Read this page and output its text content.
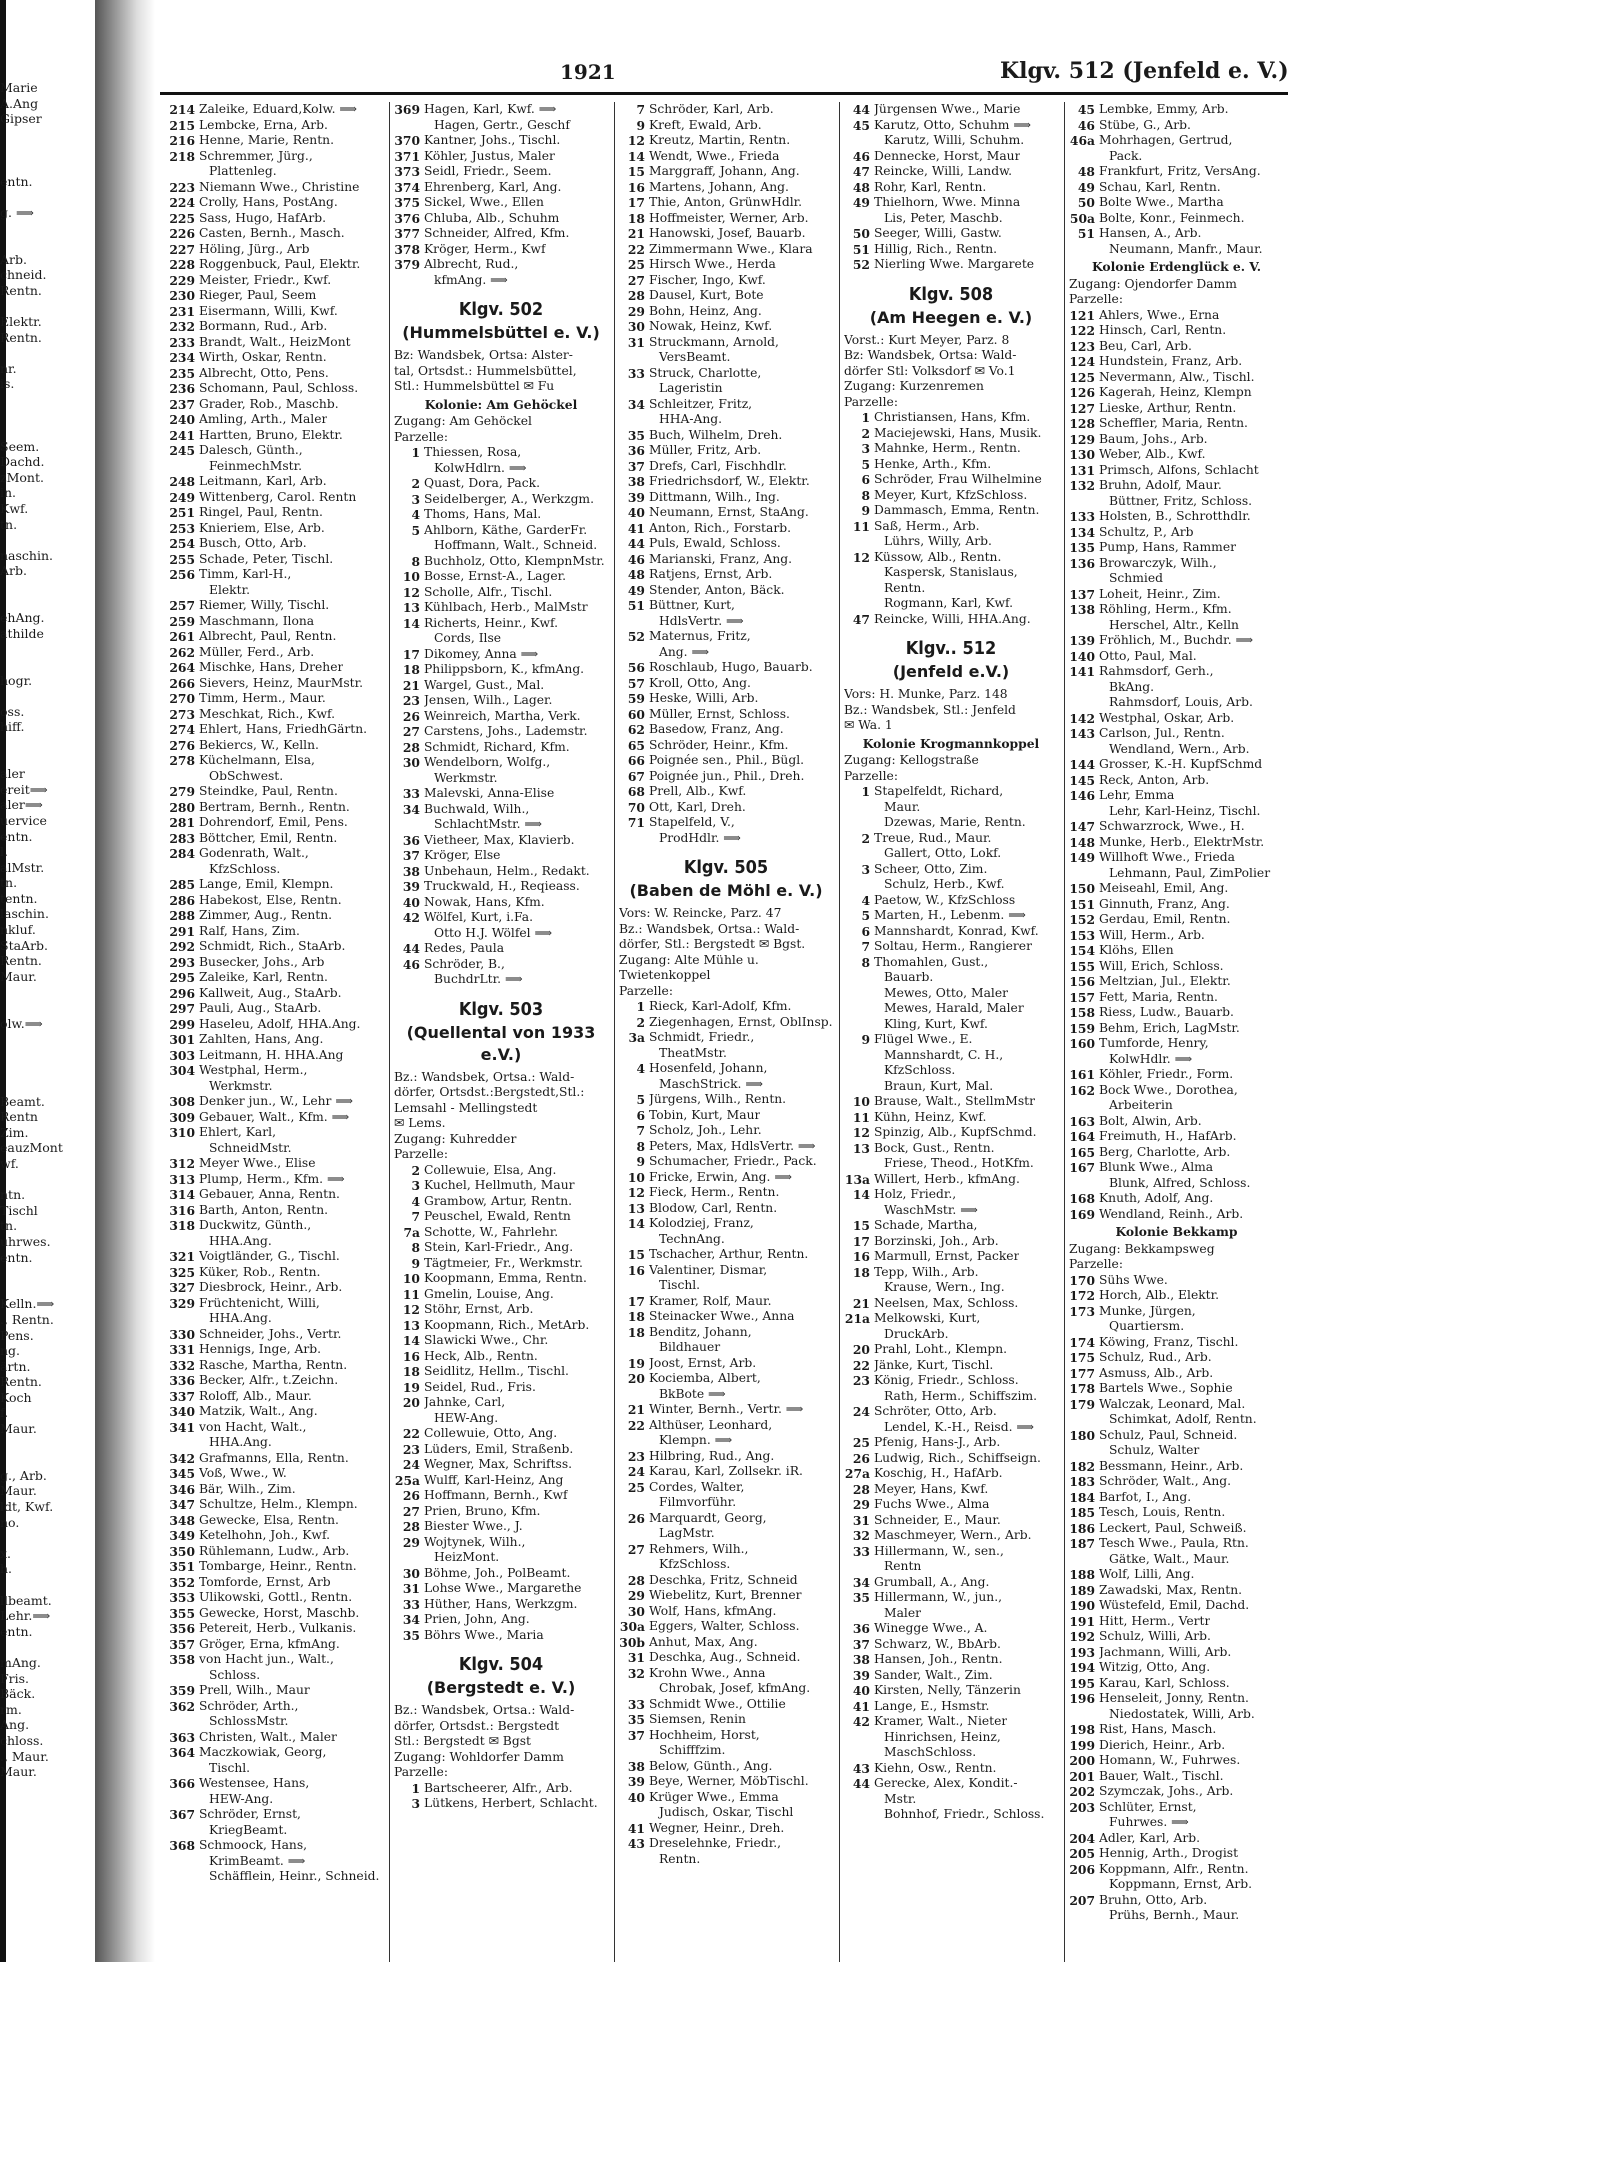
Marie
A.Ang
Gipser

entn.

g. ⟹

Arb.
chneid.
Rentn.

Elektr.
Rentn.

nr.
is.

Seem.
Dachd.
zMont.
in.
Kwf.
tn.

naschin.
Arb.

ehAng.
athilde

hogr.

oss.
hiff.

aler
ereit⟹
aler⟹
uervice
entn.
l.
alMstr.
tn.
tentn.
laschin.
nkluf.
StaArb.
Rentn.
Maur.

olw.⟹

Beamt.
Rentn
Zim.
eauzMont
wf.

ntn.
Tischl
tn.
uhrwes.
entn.

Kelln.⟹
., Rentn.
Pens.
ng.
ärtn.
Rentn.
Koch
f.
Maur.

g., Arb.
Maur.
ldt, Kwf.
no.

x.
h.

llbeamt.
Lehr.⟹
entn.

mAng.
Fris.
Bäck.
rm.
Ang.
chloss.
., Maur.
Maur.
1921	Klgv. 512 (Jenfeld e. V.)
214 Zaleike, Eduard,Kolw. ⟹
215 Lembcke, Erna, Arb.
216 Henne, Marie, Rentn.
218 Schremmer, Jürg.,
Plattenleg.
223 Niemann Wwe., Christine
224 Crolly, Hans, PostAng.
225 Sass, Hugo, HafArb.
226 Casten, Bernh., Masch.
227 Höling, Jürg., Arb
228 Roggenbuck, Paul, Elektr.
229 Meister, Friedr., Kwf.
230 Rieger, Paul, Seem
231 Eisermann, Willi, Kwf.
232 Bormann, Rud., Arb.
233 Brandt, Walt., HeizMont
234 Wirth, Oskar, Rentn.
235 Albrecht, Otto, Pens.
236 Schomann, Paul, Schloss.
237 Grader, Rob., Maschb.
240 Amling, Arth., Maler
241 Hartten, Bruno, Elektr.
245 Dalesch, Günth.,
FeinmechMstr.
248 Leitmann, Karl, Arb.
249 Wittenberg, Carol. Rentn
251 Ringel, Paul, Rentn.
253 Knieriem, Else, Arb.
254 Busch, Otto, Arb.
255 Schade, Peter, Tischl.
256 Timm, Karl-H.,
Elektr.
257 Riemer, Willy, Tischl.
259 Maschmann, Ilona
261 Albrecht, Paul, Rentn.
262 Müller, Ferd., Arb.
264 Mischke, Hans, Dreher
266 Sievers, Heinz, MaurMstr.
270 Timm, Herm., Maur.
273 Meschkat, Rich., Kwf.
274 Ehlert, Hans, FriedhGärtn.
276 Bekiercs, W., Kelln.
278 Küchelmann, Elsa,
ObSchwest.
279 Steindke, Paul, Rentn.
280 Bertram, Bernh., Rentn.
281 Dohrendorf, Emil, Pens.
283 Böttcher, Emil, Rentn.
284 Godenrath, Walt.,
KfzSchloss.
285 Lange, Emil, Klempn.
286 Habekost, Else, Rentn.
288 Zimmer, Aug., Rentn.
291 Ralf, Hans, Zim.
292 Schmidt, Rich., StaArb.
293 Busecker, Johs., Arb
295 Zaleike, Karl, Rentn.
296 Kallweit, Aug., StaArb.
297 Pauli, Aug., StaArb.
299 Haseleu, Adolf, HHA.Ang.
301 Zahlten, Hans, Ang.
303 Leitmann, H. HHA.Ang
304 Westphal, Herm.,
Werkmstr.
308 Denker jun., W., Lehr ⟹
309 Gebauer, Walt., Kfm. ⟹
310 Ehlert, Karl,
SchneidMstr.
312 Meyer Wwe., Elise
313 Plump, Herm., Kfm. ⟹
314 Gebauer, Anna, Rentn.
316 Barth, Anton, Rentn.
318 Duckwitz, Günth.,
HHA.Ang.
321 Voigtländer, G., Tischl.
325 Küker, Rob., Rentn.
327 Diesbrock, Heinr., Arb.
329 Früchtenicht, Willi,
HHA.Ang.
330 Schneider, Johs., Vertr.
331 Hennigs, Inge, Arb.
332 Rasche, Martha, Rentn.
336 Becker, Alfr., t.Zeichn.
337 Roloff, Alb., Maur.
340 Matzik, Walt., Ang.
341 von Hacht, Walt.,
HHA.Ang.
342 Grafmanns, Ella, Rentn.
345 Voß, Wwe., W.
346 Bär, Wilh., Zim.
347 Schultze, Helm., Klempn.
348 Gewecke, Elsa, Rentn.
349 Ketelhohn, Joh., Kwf.
350 Rühlemann, Ludw., Arb.
351 Tombarge, Heinr., Rentn.
352 Tomforde, Ernst, Arb
353 Ulikowski, Gottl., Rentn.
355 Gewecke, Horst, Maschb.
356 Petereit, Herb., Vulkanis.
357 Gröger, Erna, kfmAng.
358 von Hacht jun., Walt.,
Schloss.
359 Prell, Wilh., Maur
362 Schröder, Arth.,
SchlossMstr.
363 Christen, Walt., Maler
364 Maczkowiak, Georg,
Tischl.
366 Westensee, Hans,
HEW-Ang.
367 Schröder, Ernst,
KriegBeamt.
368 Schmoock, Hans,
KrimBeamt. ⟹
Schäfflein, Heinr., Schneid.
369 Hagen, Karl, Kwf. ⟹
Hagen, Gertr., Geschf
370 Kantner, Johs., Tischl.
371 Köhler, Justus, Maler
373 Seidl, Friedr., Seem.
374 Ehrenberg, Karl, Ang.
375 Sickel, Wwe., Ellen
376 Chluba, Alb., Schuhm
377 Schneider, Alfred, Kfm.
378 Kröger, Herm., Kwf
379 Albrecht, Rud.,
kfmAng. ⟹
Klgv. 502
(Hummelsbüttel e. V.)
Bz: Wandsbek, Ortsa: Alster-
tal, Ortsdst.: Hummelsbüttel,
Stl.: Hummelsbüttel ✉ Fu
Kolonie: Am Gehöckel
Zugang: Am Gehöckel
Parzelle:
1 Thiessen, Rosa,
KolwHdlrn. ⟹
2 Quast, Dora, Pack.
3 Seidelberger, A., Werkzgm.
4 Thoms, Hans, Mal.
5 Ahlborn, Käthe, GarderFr.
Hoffmann, Walt., Schneid.
8 Buchholz, Otto, KlempnMstr.
10 Bosse, Ernst-A., Lager.
12 Scholle, Alfr., Tischl.
13 Kühlbach, Herb., MalMstr
14 Richerts, Heinr., Kwf.
Cords, Ilse
17 Dikomey, Anna ⟹
18 Philippsborn, K., kfmAng.
21 Wargel, Gust., Mal.
23 Jensen, Wilh., Lager.
26 Weinreich, Martha, Verk.
27 Carstens, Johs., Lademstr.
28 Schmidt, Richard, Kfm.
30 Wendelborn, Wolfg.,
Werkmstr.
33 Malevski, Anna-Elise
34 Buchwald, Wilh.,
SchlachtMstr. ⟹
36 Vietheer, Max, Klavierb.
37 Kröger, Else
38 Unbehaun, Helm., Redakt.
39 Truckwald, H., Reqieass.
40 Nowak, Hans, Kfm.
42 Wölfel, Kurt, i.Fa.
Otto H.J. Wölfel ⟹
44 Redes, Paula
46 Schröder, B.,
BuchdrLtr. ⟹
Klgv. 503
(Quellental von 1933 e.V.)
Bz.: Wandsbek, Ortsa.: Wald-
dörfer, Ortsdst.:Bergstedt,Stl.:
Lemsahl - Mellingstedt
✉ Lems.
Zugang: Kuhredder
Parzelle:
2 Collewuie, Elsa, Ang.
3 Kuchel, Hellmuth, Maur
4 Grambow, Artur, Rentn.
7 Peuschel, Ewald, Rentn
7a Schotte, W., Fahrlehr.
8 Stein, Karl-Friedr., Ang.
9 Tägtmeier, Fr., Werkmstr.
10 Koopmann, Emma, Rentn.
11 Gmelin, Louise, Ang.
12 Stöhr, Ernst, Arb.
13 Koopmann, Rich., MetArb.
14 Slawicki Wwe., Chr.
16 Heck, Alb., Rentn.
18 Seidlitz, Hellm., Tischl.
19 Seidel, Rud., Fris.
20 Jahnke, Carl,
HEW-Ang.
22 Collewuie, Otto, Ang.
23 Lüders, Emil, Straßenb.
24 Wegner, Max, Schriftss.
25a Wulff, Karl-Heinz, Ang
26 Hoffmann, Bernh., Kwf
27 Prien, Bruno, Kfm.
28 Biester Wwe., J.
29 Wojtynek, Wilh.,
HeizMont.
30 Böhme, Joh., PolBeamt.
31 Lohse Wwe., Margarethe
33 Hüther, Hans, Werkzgm.
34 Prien, John, Ang.
35 Böhrs Wwe., Maria
Klgv. 504
(Bergstedt e. V.)
Bz.: Wandsbek, Ortsa.: Wald-
dörfer, Ortsdst.: Bergstedt
Stl.: Bergstedt ✉ Bgst
Zugang: Wohldorfer Damm
Parzelle:
1 Bartscheerer, Alfr., Arb.
3 Lütkens, Herbert, Schlacht.
7 Schröder, Karl, Arb.
9 Kreft, Ewald, Arb.
12 Kreutz, Martin, Rentn.
14 Wendt, Wwe., Frieda
15 Marggraff, Johann, Ang.
16 Martens, Johann, Ang.
17 Thie, Anton, GrünwHdlr.
18 Hoffmeister, Werner, Arb.
21 Hanowski, Josef, Bauarb.
22 Zimmermann Wwe., Klara
25 Hirsch Wwe., Herda
27 Fischer, Ingo, Kwf.
28 Dausel, Kurt, Bote
29 Bohn, Heinz, Ang.
30 Nowak, Heinz, Kwf.
31 Struckmann, Arnold,
VersBeamt.
33 Struck, Charlotte,
Lageristin
34 Schleitzer, Fritz,
HHA-Ang.
35 Buch, Wilhelm, Dreh.
36 Müller, Fritz, Arb.
37 Drefs, Carl, Fischhdlr.
38 Friedrichsdorf, W., Elektr.
39 Dittmann, Wilh., Ing.
40 Neumann, Ernst, StaAng.
41 Anton, Rich., Forstarb.
44 Puls, Ewald, Schloss.
46 Marianski, Franz, Ang.
48 Ratjens, Ernst, Arb.
49 Stender, Anton, Bäck.
51 Büttner, Kurt,
HdlsVertr. ⟹
52 Maternus, Fritz,
Ang. ⟹
56 Roschlaub, Hugo, Bauarb.
57 Kroll, Otto, Ang.
59 Heske, Willi, Arb.
60 Müller, Ernst, Schloss.
62 Basedow, Franz, Ang.
65 Schröder, Heinr., Kfm.
66 Poignée sen., Phil., Bügl.
67 Poignée jun., Phil., Dreh.
68 Prell, Alb., Kwf.
70 Ott, Karl, Dreh.
71 Stapelfeld, V.,
ProdHdlr. ⟹
Klgv. 505
(Baben de Möhl e. V.)
Vors: W. Reincke, Parz. 47
Bz.: Wandsbek, Ortsa.: Wald-
dörfer, Stl.: Bergstedt ✉ Bgst.
Zugang: Alte Mühle u.
Twietenkoppel
Parzelle:
1 Rieck, Karl-Adolf, Kfm.
2 Ziegenhagen, Ernst, OblInsp.
3a Schmidt, Friedr.,
TheatMstr.
4 Hosenfeld, Johann,
MaschStrick. ⟹
5 Jürgens, Wilh., Rentn.
6 Tobin, Kurt, Maur
7 Scholz, Joh., Lehr.
8 Peters, Max, HdlsVertr. ⟹
9 Schumacher, Friedr., Pack.
10 Fricke, Erwin, Ang. ⟹
12 Fieck, Herm., Rentn.
13 Blodow, Carl, Rentn.
14 Kolodziej, Franz,
TechnAng.
15 Tschacher, Arthur, Rentn.
16 Valentiner, Dismar,
Tischl.
17 Kramer, Rolf, Maur.
18 Steinacker Wwe., Anna
18 Benditz, Johann,
Bildhauer
19 Joost, Ernst, Arb.
20 Kociemba, Albert,
BkBote ⟹
21 Winter, Bernh., Vertr. ⟹
22 Althüser, Leonhard,
Klempn. ⟹
23 Hilbring, Rud., Ang.
24 Karau, Karl, Zollsekr. iR.
25 Cordes, Walter,
Filmvorführ.
26 Marquardt, Georg,
LagMstr.
27 Rehmers, Wilh.,
KfzSchloss.
28 Deschka, Fritz, Schneid
29 Wiebelitz, Kurt, Brenner
30 Wolf, Hans, kfmAng.
30a Eggers, Walter, Schloss.
30b Anhut, Max, Ang.
31 Deschka, Aug., Schneid.
32 Krohn Wwe., Anna
Chrobak, Josef, kfmAng.
33 Schmidt Wwe., Ottilie
35 Siemsen, Renin
37 Hochheim, Horst,
Schifffzim.
38 Below, Günth., Ang.
39 Beye, Werner, MöbTischl.
40 Krüger Wwe., Emma
Judisch, Oskar, Tischl
41 Wegner, Heinr., Dreh.
43 Dreselehnke, Friedr.,
Rentn.
44 Jürgensen Wwe., Marie
45 Karutz, Otto, Schuhm ⟹
Karutz, Willi, Schuhm.
46 Dennecke, Horst, Maur
47 Reincke, Willi, Landw.
48 Rohr, Karl, Rentn.
49 Thielhorn, Wwe. Minna
Lis, Peter, Maschb.
50 Seeger, Willi, Gastw.
51 Hillig, Rich., Rentn.
52 Nierling Wwe. Margarete
Klgv. 508
(Am Heegen e. V.)
Vorst.: Kurt Meyer, Parz. 8
Bz: Wandsbek, Ortsa: Wald-
dörfer Stl: Volksdorf ✉ Vo.1
Zugang: Kurzenremen
Parzelle:
1 Christiansen, Hans, Kfm.
2 Maciejewski, Hans, Musik.
3 Mahnke, Herm., Rentn.
5 Henke, Arth., Kfm.
6 Schröder, Frau Wilhelmine
8 Meyer, Kurt, KfzSchloss.
9 Dammasch, Emma, Rentn.
11 Saß, Herm., Arb.
Lührs, Willy, Arb.
12 Küssow, Alb., Rentn.
Kaspersk, Stanislaus,
Rentn.
Rogmann, Karl, Kwf.
47 Reincke, Willi, HHA.Ang.
Klgv.. 512
(Jenfeld e.V.)
Vors: H. Munke, Parz. 148
Bz.: Wandsbek, Stl.: Jenfeld
✉ Wa. 1
Kolonie Krogmannkoppel
Zugang: Kellogstraße
Parzelle:
1 Stapelfeldt, Richard,
Maur.
Dzewas, Marie, Rentn.
2 Treue, Rud., Maur.
Gallert, Otto, Lokf.
3 Scheer, Otto, Zim.
Schulz, Herb., Kwf.
4 Paetow, W., KfzSchloss
5 Marten, H., Lebenm. ⟹
6 Mannshardt, Konrad, Kwf.
7 Soltau, Herm., Rangierer
8 Thomahlen, Gust.,
Bauarb.
Mewes, Otto, Maler
Mewes, Harald, Maler
Kling, Kurt, Kwf.
9 Flügel Wwe., E.
Mannshardt, C. H.,
KfzSchloss.
Braun, Kurt, Mal.
10 Brause, Walt., StellmMstr
11 Kühn, Heinz, Kwf.
12 Spinzig, Alb., KupfSchmd.
13 Bock, Gust., Rentn.
Friese, Theod., HotKfm.
13a Willert, Herb., kfmAng.
14 Holz, Friedr.,
WaschMstr. ⟹
15 Schade, Martha,
17 Borzinski, Joh., Arb.
16 Marmull, Ernst, Packer
18 Tepp, Wilh., Arb.
Krause, Wern., Ing.
21 Neelsen, Max, Schloss.
21a Melkowski, Kurt,
DruckArb.
20 Prahl, Loht., Klempn.
22 Jänke, Kurt, Tischl.
23 König, Friedr., Schloss.
Rath, Herm., Schiffszim.
24 Schröter, Otto, Arb.
Lendel, K.-H., Reisd. ⟹
25 Pfenig, Hans-J., Arb.
26 Ludwig, Rich., Schiffseign.
27a Koschig, H., HafArb.
28 Meyer, Hans, Kwf.
29 Fuchs Wwe., Alma
31 Schneider, E., Maur.
32 Maschmeyer, Wern., Arb.
33 Hillermann, W., sen.,
Rentn
34 Grumball, A., Ang.
35 Hillermann, W., jun.,
Maler
36 Winegge Wwe., A.
37 Schwarz, W., BbArb.
38 Hansen, Joh., Rentn.
39 Sander, Walt., Zim.
40 Kirsten, Nelly, Tänzerin
41 Lange, E., Hsmstr.
42 Kramer, Walt., Nieter
Hinrichsen, Heinz,
MaschSchloss.
43 Kiehn, Osw., Rentn.
44 Gerecke, Alex, Kondit.-
Mstr.
Bohnhof, Friedr., Schloss.
45 Lembke, Emmy, Arb.
46 Stübe, G., Arb.
46a Mohrhagen, Gertrud,
Pack.
48 Frankfurt, Fritz, VersAng.
49 Schau, Karl, Rentn.
50 Bolte Wwe., Martha
50a Bolte, Konr., Feinmech.
51 Hansen, A., Arb.
Neumann, Manfr., Maur.
Kolonie Erdenglück e. V.
Zugang: Ojendorfer Damm
Parzelle:
121 Ahlers, Wwe., Erna
122 Hinsch, Carl, Rentn.
123 Beu, Carl, Arb.
124 Hundstein, Franz, Arb.
125 Nevermann, Alw., Tischl.
126 Kagerah, Heinz, Klempn
127 Lieske, Arthur, Rentn.
128 Scheffler, Maria, Rentn.
129 Baum, Johs., Arb.
130 Weber, Alb., Kwf.
131 Primsch, Alfons, Schlacht
132 Bruhn, Adolf, Maur.
Büttner, Fritz, Schloss.
133 Holsten, B., Schrotthdlr.
134 Schultz, P., Arb
135 Pump, Hans, Rammer
136 Browarczyk, Wilh.,
Schmied
137 Loheit, Heinr., Zim.
138 Röhling, Herm., Kfm.
Herschel, Altr., Kelln
139 Fröhlich, M., Buchdr. ⟹
140 Otto, Paul, Mal.
141 Rahmsdorf, Gerh.,
BkAng.
Rahmsdorf, Louis, Arb.
142 Westphal, Oskar, Arb.
143 Carlson, Jul., Rentn.
Wendland, Wern., Arb.
144 Grosser, K.-H. KupfSchmd
145 Reck, Anton, Arb.
146 Lehr, Emma
Lehr, Karl-Heinz, Tischl.
147 Schwarzrock, Wwe., H.
148 Munke, Herb., ElektrMstr.
149 Willhoft Wwe., Frieda
Lehmann, Paul, ZimPolier
150 Meiseahl, Emil, Ang.
151 Ginnuth, Franz, Ang.
152 Gerdau, Emil, Rentn.
153 Will, Herm., Arb.
154 Klöhs, Ellen
155 Will, Erich, Schloss.
156 Meltzian, Jul., Elektr.
157 Fett, Maria, Rentn.
158 Riess, Ludw., Bauarb.
159 Behm, Erich, LagMstr.
160 Tumforde, Henry,
KolwHdlr. ⟹
161 Köhler, Friedr., Form.
162 Bock Wwe., Dorothea,
Arbeiterin
163 Bolt, Alwin, Arb.
164 Freimuth, H., HafArb.
165 Berg, Charlotte, Arb.
167 Blunk Wwe., Alma
Blunk, Alfred, Schloss.
168 Knuth, Adolf, Ang.
169 Wendland, Reinh., Arb.
Kolonie Bekkamp
Zugang: Bekkampsweg
Parzelle:
170 Sühs Wwe.
172 Horch, Alb., Elektr.
173 Munke, Jürgen,
Quartiersm.
174 Köwing, Franz, Tischl.
175 Schulz, Rud., Arb.
177 Asmuss, Alb., Arb.
178 Bartels Wwe., Sophie
179 Walczak, Leonard, Mal.
Schimkat, Adolf, Rentn.
180 Schulz, Paul, Schneid.
Schulz, Walter
182 Bessmann, Heinr., Arb.
183 Schröder, Walt., Ang.
184 Barfot, I., Ang.
185 Tesch, Louis, Rentn.
186 Leckert, Paul, Schweiß.
187 Tesch Wwe., Paula, Rtn.
Gätke, Walt., Maur.
188 Wolf, Lilli, Ang.
189 Zawadski, Max, Rentn.
190 Wüstefeld, Emil, Dachd.
191 Hitt, Herm., Vertr
192 Schulz, Willi, Arb.
193 Jachmann, Willi, Arb.
194 Witzig, Otto, Ang.
195 Karau, Karl, Schloss.
196 Henseleit, Jonny, Rentn.
Niedostatek, Willi, Arb.
198 Rist, Hans, Masch.
199 Dierich, Heinr., Arb.
200 Homann, W., Fuhrwes.
201 Bauer, Walt., Tischl.
202 Szymczak, Johs., Arb.
203 Schlüter, Ernst,
Fuhrwes. ⟹
204 Adler, Karl, Arb.
205 Hennig, Arth., Drogist
206 Koppmann, Alfr., Rentn.
Koppmann, Ernst, Arb.
207 Bruhn, Otto, Arb.
Prühs, Bernh., Maur.
